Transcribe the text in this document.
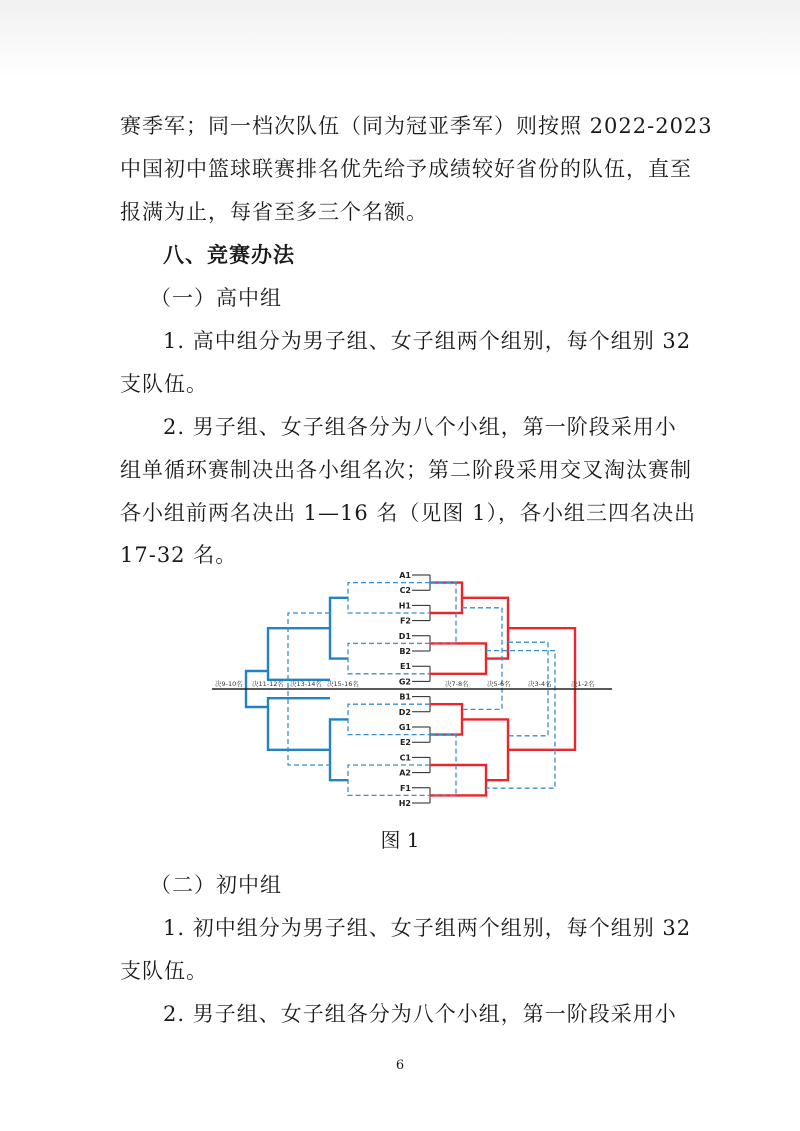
赛季军；同一档次队伍（同为冠亚季军）则按照 2022-2023
中国初中篮球联赛排名优先给予成绩较好省份的队伍，直至
报满为止，每省至多三个名额。
八、竞赛办法
（一）高中组
1. 高中组分为男子组、女子组两个组别，每个组别 32
支队伍。
2. 男子组、女子组各分为八个小组，第一阶段采用小
组单循环赛制决出各小组名次；第二阶段采用交叉淘汰赛制
各小组前两名决出 1—16 名（见图 1），各小组三四名决出
17-32 名。
A1
C2
H1
F2
D1
B2
E1
G2
B1
D2
G1
E2
C1
A2
F1
H2
决9-10名 决11-12名 决13-14名 决15-16名	决7-8名	决5-6名	决3-4名	决1-2名
图 1
（二）初中组
1. 初中组分为男子组、女子组两个组别，每个组别 32
支队伍。
2. 男子组、女子组各分为八个小组，第一阶段采用小
6
